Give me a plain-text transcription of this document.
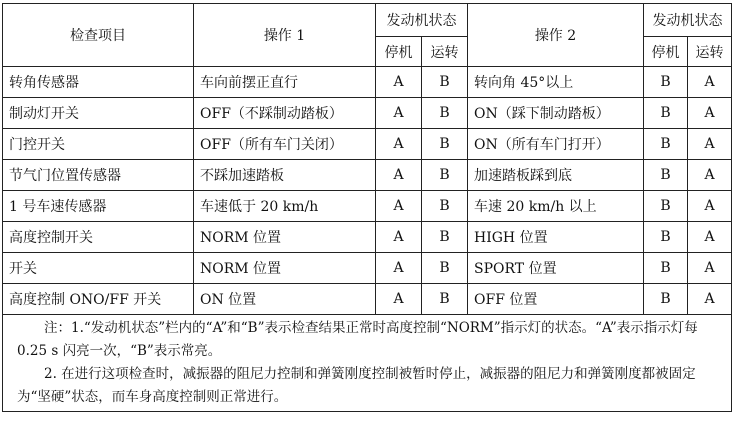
检查项目	操作 1	发动机状态		操作 2	发动机状态	
		停机	运转		停机	运转
转角传感器	车向前摆正直行	A	B	转向角 45°以上	B	A
制动灯开关	OFF（不踩制动踏板）	A	B	ON（踩下制动踏板）	B	A
门控开关	OFF（所有车门关闭）	A	B	ON（所有车门打开）	B	A
节气门位置传感器	不踩加速踏板	A	B	加速踏板踩到底	B	A
1 号车速传感器	车速低于 20 km/h	A	B	车速 20 km/h 以上	B	A
高度控制开关	NORM 位置	A	B	HIGH 位置	B	A
开关	NORM 位置	A	B	SPORT 位置	B	A
高度控制 ONO/FF 开关	ON 位置	A	B	OFF 位置	B	A

注：1.“发动机状态”栏内的“A”和“B”表示检查结果正常时高度控制“NORM”指示灯的状态。“A”表示指示灯每 0.25 s 闪亮一次，“B”表示常亮。

2. 在进行这项检查时，减振器的阻尼力控制和弹簧刚度控制被暂时停止，减振器的阻尼力和弹簧刚度都被固定为“坚硬”状态，而车身高度控制则正常进行。						
